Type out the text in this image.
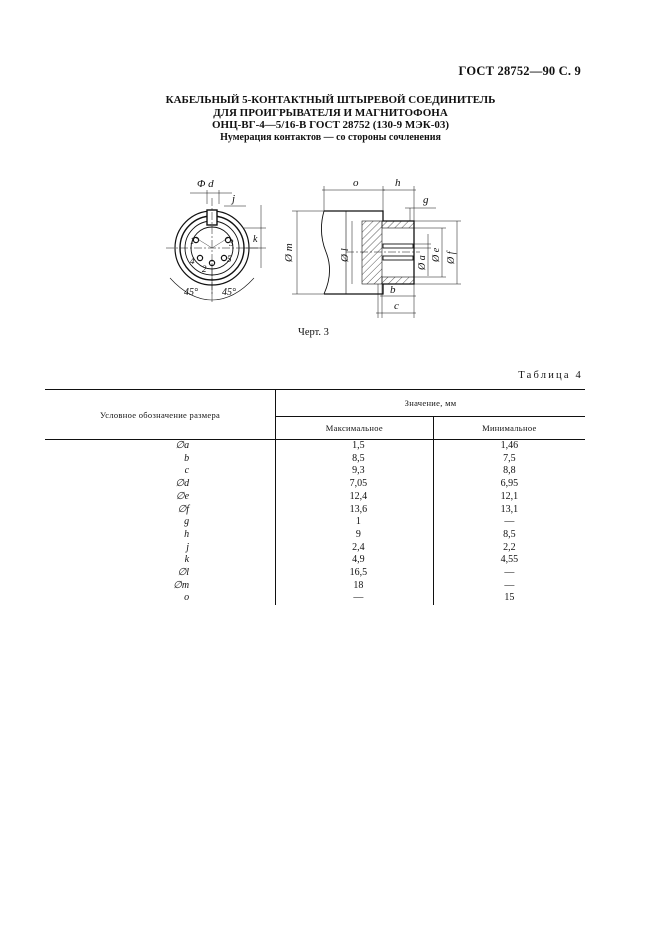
ГОСТ 28752—90 С. 9
КАБЕЛЬНЫЙ 5-КОНТАКТНЫЙ ШТЫРЕВОЙ СОЕДИНИТЕЛЬ
ДЛЯ ПРОИГРЫВАТЕЛЯ И МАГНИТОФОНА
ОНЦ-ВГ-4—5/16-В ГОСТ 28752 (130-9 МЭК-03)
Нумерация контактов — со стороны сочленения
1	3
4
2
5
Φ d
j
k
45° 45°
o	h
g
Ø m	Ø l
Ø a
Ø e Ø f
b
c
Черт. 3
Таблица 4
Условное обозначение размера	Значение, мм	
	Максимальное	Минимальное
∅a	1,5	1,46
b	8,5	7,5
c	9,3	8,8
∅d	7,05	6,95
∅e	12,4	12,1
∅f	13,6	13,1
g	1	—
h	9	8,5
j	2,4	2,2
k	4,9	4,55
∅l	16,5	—
∅m	18	—
o	—	15
